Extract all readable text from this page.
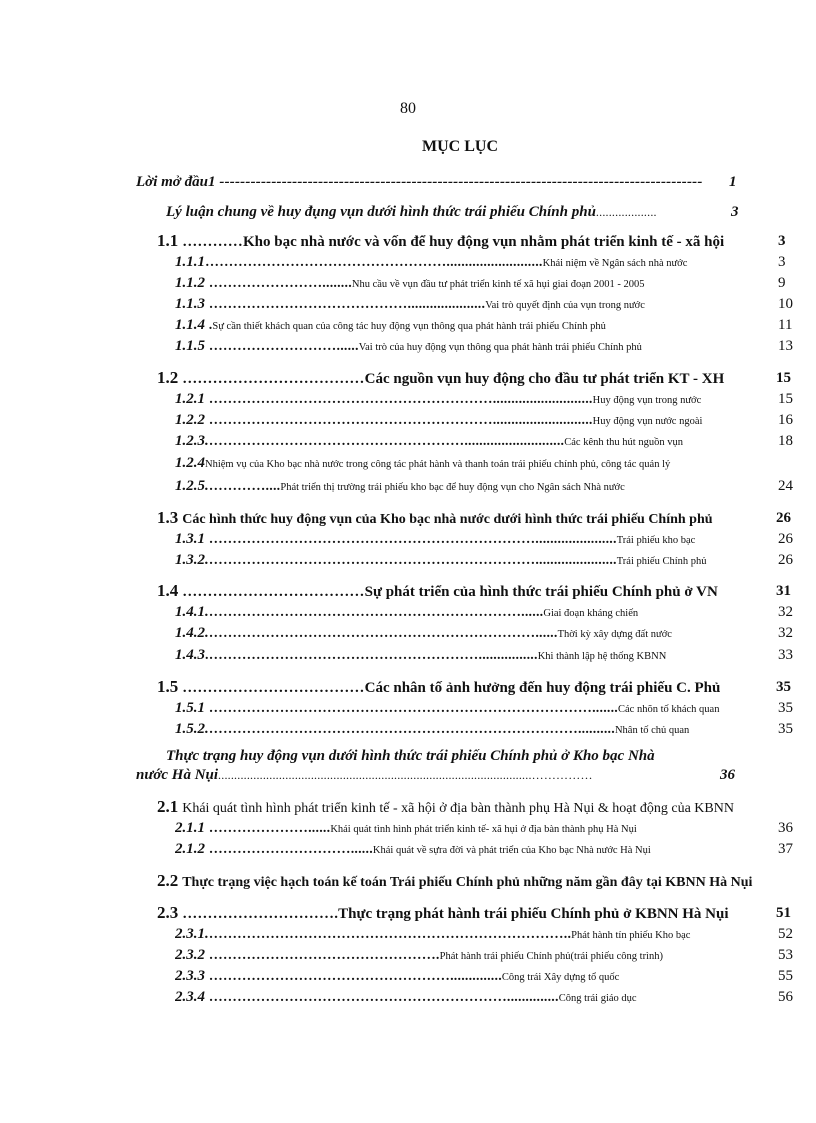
80
MỤC LỤC
Lời mở đầu1 ---------------------------------------------------------------------------------------------	1
Lý luận chung về huy đụng vụn dưới hình thức trái phiếu Chính phủ...................	3
1.1 …………Kho bạc nhà nước và vốn để huy động vụn nhằm phát triển kinh tế - xã hội	3
1.1.1……………………………………………..........................Khái niệm về Ngân sách nhà nước	3
1.1.2 ……………………........Nhu cầu về vụn đầu tư phát triển kinh tế xã hụi giai đoạn 2001 - 2005	9
1.1.3 …………………………………….....................Vai trò quyết định của vụn trong nước	10
1.1.4 .Sự cần thiết khách quan của công tác huy động vụn thông qua phát hành trái phiếu Chính phủ	11
1.1.5 ………………………......Vai trò của huy động vụn thông qua phát hành trái phiếu Chính phủ	13
1.2 ………………………………Các nguồn vụn huy động cho đầu tư phát triển KT - XH	15
1.2.1 ……………………………………………………...........................Huy động vụn trong nước	15
1.2.2 ……………………………………………………...........................Huy động vụn nước ngoài	16
1.2.3.………………………………………………...........................Các kênh thu hút nguồn vụn	18
1.2.4Nhiệm vụ của Kho bạc nhà nước trong công tác phát hành và thanh toán trái phiếu chính phủ, công tác quản lý
1.2.5.…………....Phát triển thị trường trái phiếu kho bạc để huy động vụn cho Ngân sách Nhà nước	24
1.3 Các hình thức huy động vụn của Kho bạc nhà nước dưới hình thức trái phiếu Chính phủ	26
1.3.1 ……………………………………………………………......................Trái phiếu kho bạc	26
1.3.2.……………………………………………………………......................Trái phiếu Chính phủ	26
1.4 ………………………………Sự phát triển của hình thức trái phiếu Chính phủ ở VN	31
1.4.1.…………………………………………………………......Giai đoạn kháng chiến	32
1.4.2.……………………………………………………………......Thời kỳ xây dựng đất nước	32
1.4.3.…………………………………………………................Khi thành lập hệ thống KBNN	33
1.5 ………………………………Các nhân tố ảnh hưởng đến huy động trái phiếu C. Phủ	35
1.5.1 ……………………………………………………………………….......Các nhõn tố khách quan	35
1.5.2.……………………………………………………………………..........Nhân tố chủ quan	35
Thực trạng huy động vụn dưới hình thức trái phiếu Chính phủ ở Kho bạc Nhà
nước Hà Nụi..................................................................................................……………	36
2.1 Khái quát tình hình phát triển kinh tế - xã hội ở địa bàn thành phụ Hà Nụi & hoạt động của KBNN
2.1.1 …………………......Khái quát tình hình phát triển kinh tế- xã hụi ở địa bàn thành phụ Hà Nụi	36
2.1.2 …………………………......Khái quát về sựra đời và phát triển của Kho bạc Nhà nước Hà Nụi	37
2.2 Thực trạng việc hạch toán kế toán Trái phiếu Chính phủ những năm gần đây tại KBNN Hà Nụi
2.3 ………………………….Thực trạng phát hành trái phiếu Chính phủ ở KBNN Hà Nụi	51
2.3.1.…………………………………………………………………..Phát hành tín phiếu Kho bạc	52
2.3.2 ………………………………………….Phát hành trái phiếu Chính phủ(trái phiếu công trình)	53
2.3.3 ……………………………………………..............Công trái Xây dựng tổ quốc	55
2.3.4 ………………………………………………………..............Công trái giáo dục	56
